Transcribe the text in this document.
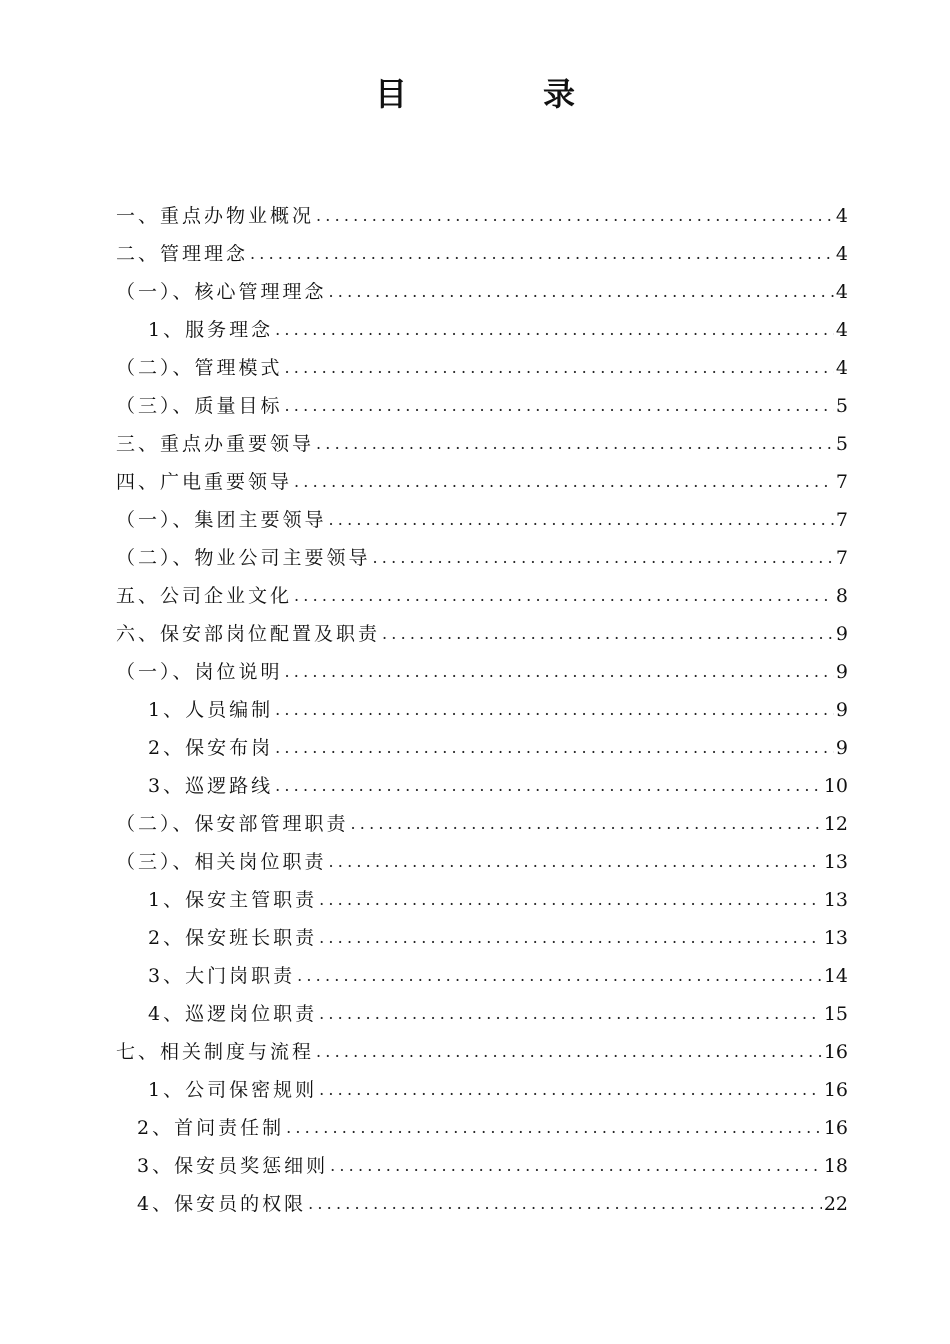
目　录
一、重点办物业概况 .....	4
二、管理理念 .....	4
（一）、核心管理理念 .....	4
1、服务理念 .....	4
（二）、管理模式 .....	4
（三）、质量目标 .....	5
三、重点办重要领导 .....	5
四、广电重要领导 .....	7
（一）、集团主要领导 .....	7
（二）、物业公司主要领导 .....	7
五、公司企业文化 .....	8
六、保安部岗位配置及职责 .....	9
（一）、岗位说明 .....	9
1、人员编制 .....	9
2、保安布岗 .....	9
3、巡逻路线 .....	10
（二）、保安部管理职责 .....	12
（三）、相关岗位职责 .....	13
1、保安主管职责 .....	13
2、保安班长职责 .....	13
3、大门岗职责 .....	14
4、巡逻岗位职责 .....	15
七、相关制度与流程 .....	16
1、公司保密规则 .....	16
2、首问责任制 .....	16
3、保安员奖惩细则 .....	18
4、保安员的权限 .....	22
